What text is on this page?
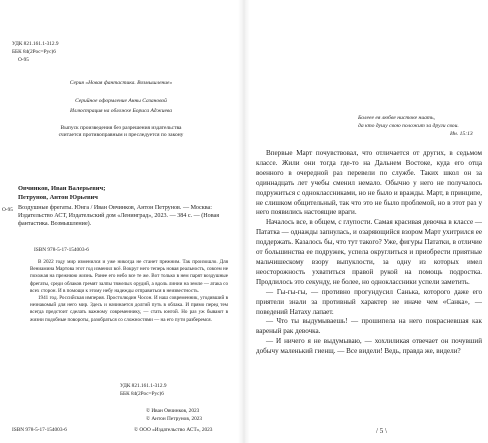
УДК 821.161.1-312.9
ББК 84(2Рос=Рус)6
О-95
Серия «Новая фантастика. Возмышление»
Серийное оформление Анны Сазановой
Иллюстрация на обложке Бориса Аджиева
Выпуск произведения без разрешения издательства
считается противоправным и преследуется по закону
Овчинков, Иван Валерьевич;
Петрунов, Антон Юрьевич
О-95 Воздушные фрегаты. Юнга / Иван Овчинков, Антон Петрунов. — Москва: Издательство АСТ, Издательский дом «Ленинград», 2023. — 384 с. — (Новая фантастика. Возмышление).
ISBN 978-5-17-154003-6

В 2022 году мир изменился и уже никогда не станет прежним. Так произошло. Для Вениамина Мартова этот год изменил всё. Вокруг него теперь новая реальность, совсем не похожая на прежнюю жизнь. Ранее его небо все те же. Вот только в нем парят воздушные фрегаты, среди облаков гремят залпы тяжелых орудий, а вдоль линии на земле — атака со всех сторон. И в помощи к этому небу надежды отправиться в неизвестность.

1941 год. Российская империя. Простолюдин Чосон. И наш современник, угодивший в незнакомый для него мир. Здесь и начинается долгий путь в облака. И прямо перед тем всегда предстоит сделать важному современнику, — стать юнгой. Но раз уж бывают в жизни подобные повороты, разобраться со сложностями — на его пути разберемся.

УДК 821.161.1-312.9
ББК 84(2Рос=Рус)6
© Иван Овчинков, 2023
© Антон Петрунов, 2023
ISBN 978-5-17-154003-6	© ООО «Издательство АСТ», 2023
Болеее ея любве нистоке ниать,
да кто душу свою положит за други свои.
Ин. 15:13

Впервые Март почувствовал, что отличается от других, в седьмом классе. Жили они тогда где-то на Дальнем Востоке, куда его отца военного в очередной раз перевели по службе. Таких школ он за одиннадцать лет учебы сменил немало. Обычно у него не получалось подружиться с одноклассниками, но не было и вражды. Март, в принципе, не слишком общительный, так что это не было проблемой, но в этот раз у него появились настоящие враги.

Началось все, в общем, с глупости. Самая красивая девочка в классе — Пататка — однажды запнулась, и озаряющийся взором Март ухитрился ее поддержать. Казалось бы, что тут такого? Уже, фигуры Пататки, в отличие от большинства ее подружек, успела округлиться и приобрести приятные мальчишескому взору выпуклости, за одну из которых имел неосторожность ухватиться правой рукой на помощь подростка. Продлилось это секунду, не более, но одноклассники успели заметить.

— Гы-гы-гы, — противно прогундусил Санька, которого даже его приятели знали за противный характер не иначе чем «Санка», — поведений Натаху лапает.

— Что ты выдумываешь! — прошипела на него покрасневшая как вареный рак девочка.

— И ничего я не выдумываю, — хохлиликая отвечает он почувший добычу маленький гиенщ. — Все видели! Ведь, правда же, видели?

/ 5 \
